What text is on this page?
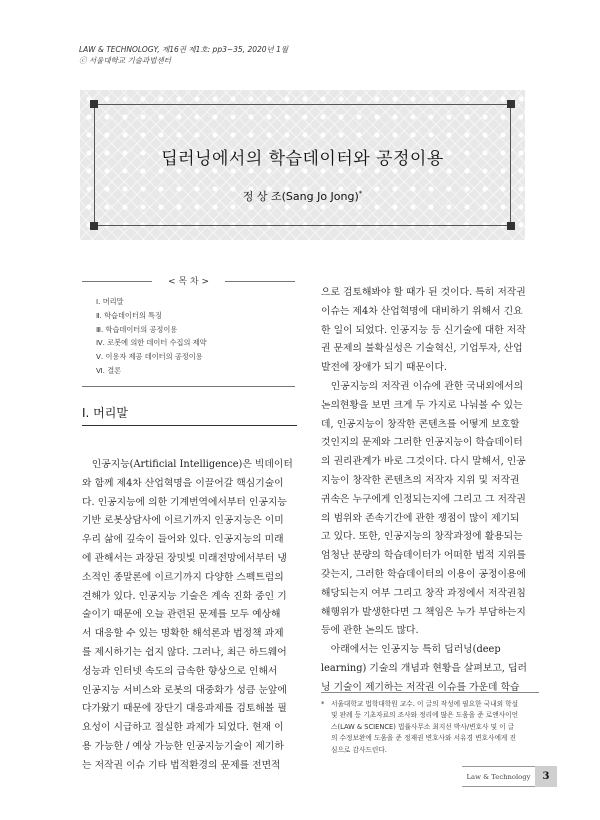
LAW & TECHNOLOGY, 제16권 제1호: pp3~35, 2020년 1월
ⓒ 서울대학교 기술과법센터
딥러닝에서의 학습데이터와 공정이용
정 상 조(Sang Jo Jong)*
< 목 차 >
Ⅰ. 머리말
Ⅱ. 학습데이터의 특징
Ⅲ. 학습데이터의 공정이용
Ⅳ. 로봇에 의한 데이터 수집의 제약
Ⅴ. 이용자 제공 데이터의 공정이용
Ⅵ. 결론
Ⅰ. 머리말
　인공지능(Artificial Intelligence)은 빅데이터
와 함께 제4차 산업혁명을 이끌어갈 핵심기술이
다. 인공지능에 의한 기계번역에서부터 인공지능
기반 로봇상담사에 이르기까지 인공지능은 이미
우리 삶에 깊숙이 들어와 있다. 인공지능의 미래
에 관해서는 과장된 장밋빛 미래전망에서부터 냉
소적인 종말론에 이르기까지 다양한 스펙트럼의
견해가 있다. 인공지능 기술은 계속 진화 중인 기
술이기 때문에 오늘 관련된 문제를 모두 예상해
서 대응할 수 있는 명확한 해석론과 법정책 과제
를 제시하기는 쉽지 않다. 그러나, 최근 하드웨어
성능과 인터넷 속도의 급속한 향상으로 인해서
인공지능 서비스와 로봇의 대중화가 성큼 눈앞에
다가왔기 때문에 장단기 대응과제를 검토해볼 필
요성이 시급하고 절실한 과제가 되었다. 현재 이
용 가능한 / 예상 가능한 인공지능기술이 제기하
는 저작권 이슈 기타 법적환경의 문제를 전면적
으로 검토해봐야 할 때가 된 것이다. 특히 저작권
이슈는 제4차 산업혁명에 대비하기 위해서 긴요
한 일이 되었다. 인공지능 등 신기술에 대한 저작
권 문제의 불확실성은 기술혁신, 기업투자, 산업
발전에 장애가 되기 때문이다.
　인공지능의 저작권 이슈에 관한 국내외에서의
논의현황을 보면 크게 두 가지로 나눠볼 수 있는
데, 인공지능이 창작한 콘텐츠를 어떻게 보호할
것인지의 문제와 그러한 인공지능이 학습데이터
의 권리관계가 바로 그것이다. 다시 말해서, 인공
지능이 창작한 콘텐츠의 저작자 지위 및 저작권
귀속은 누구에게 인정되는지에 그리고 그 저작권
의 범위와 존속기간에 관한 쟁점이 많이 제기되
고 있다. 또한, 인공지능의 창작과정에 활용되는
엄청난 분량의 학습데이터가 어떠한 법적 지위를
갖는지, 그러한 학습데이터의 이용이 공정이용에
해당되는지 여부 그리고 창작 과정에서 저작권침
해행위가 발생한다면 그 책임은 누가 부담하는지
등에 관한 논의도 많다.
　아래에서는 인공지능 특히 딥러닝(deep
learning) 기술의 개념과 현황을 살펴보고, 딥러
닝 기술이 제기하는 저작권 이슈를 가운데 학습
* 서울대학교 법학대학원 교수. 이 글의 작성에 필요한 국내외 학설
및 판례 등 기초자료의 조사와 정리에 많은 도움을 준 로앤사이언
스(LAW & SCIENCE) 법률사무소 최지선 박사/변호사 및 이 글
의 수정보완에 도움을 준 정재권 변호사와 서유경 변호사에게 진
심으로 감사드린다.
Law & Technology	3
